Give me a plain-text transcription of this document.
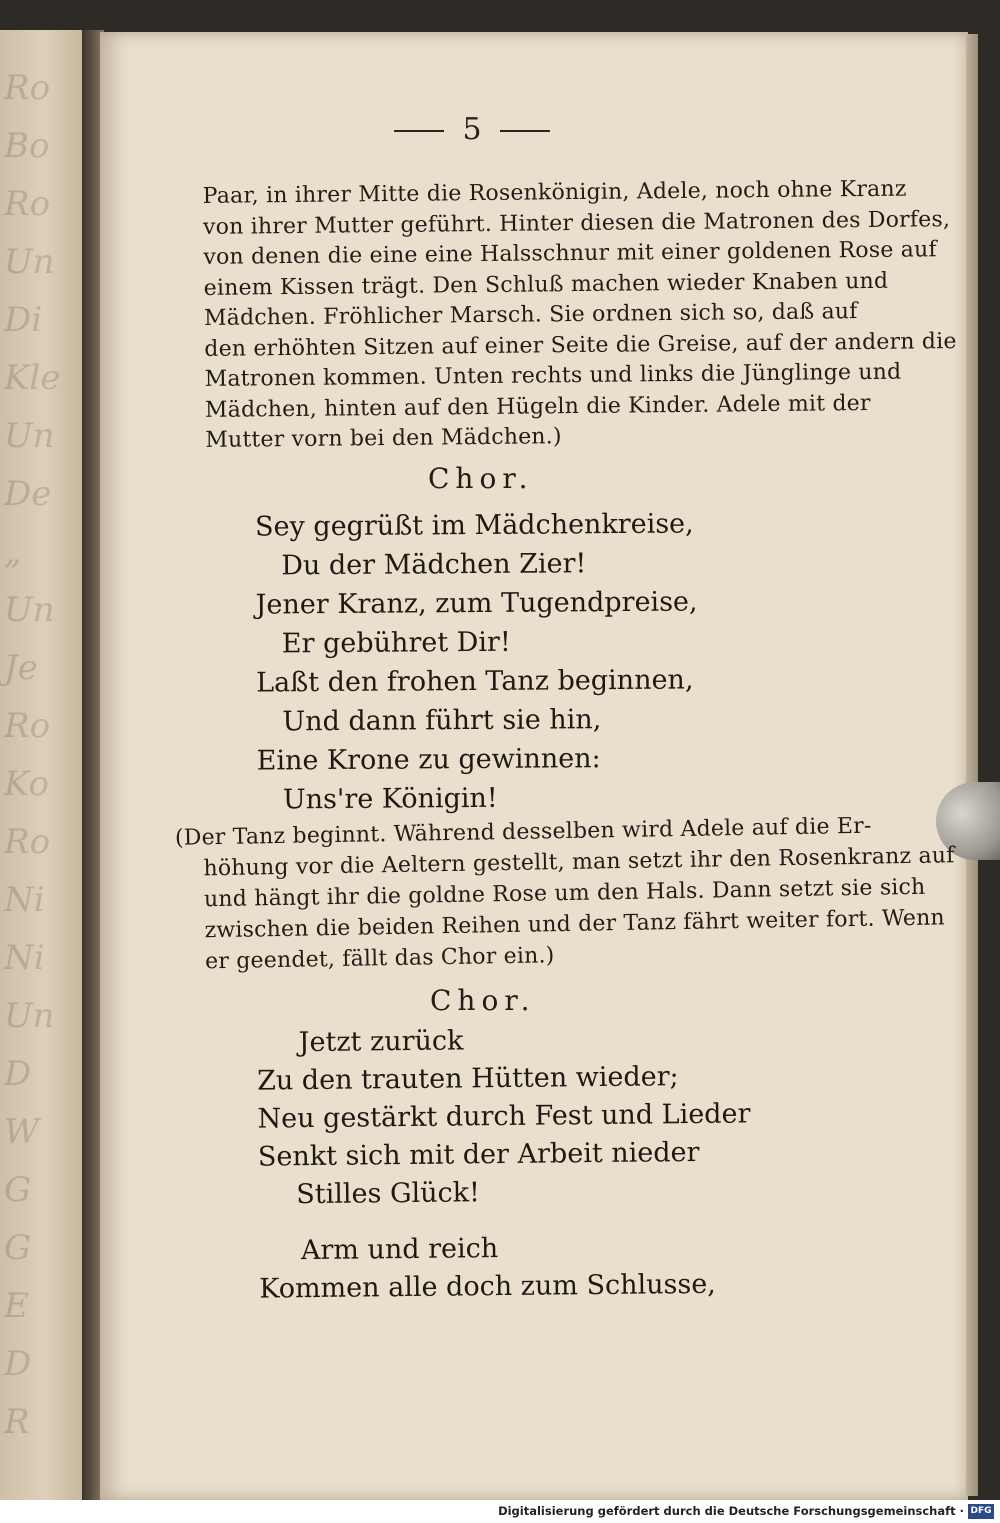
Ro
Bo
Ro
Un
Di
Kle
Un
De
„
Un
Je
Ro
Ko
Ro
Ni
Ni
Un
D
W
G
G
E
D
R
5

Paar, in ihrer Mitte die Rosenkönigin, Adele, noch ohne Kranz

von ihrer Mutter geführt. Hinter diesen die Matronen des Dorfes,

von denen die eine eine Halsschnur mit einer goldenen Rose auf

einem Kissen trägt. Den Schluß machen wieder Knaben und

Mädchen. Fröhlicher Marsch. Sie ordnen sich so, daß auf

den erhöhten Sitzen auf einer Seite die Greise, auf der andern die

Matronen kommen. Unten rechts und links die Jünglinge und

Mädchen, hinten auf den Hügeln die Kinder. Adele mit der

Mutter vorn bei den Mädchen.)

Chor.

Sey gegrüßt im Mädchenkreise,

Du der Mädchen Zier!

Jener Kranz, zum Tugendpreise,

Er gebühret Dir!

Laßt den frohen Tanz beginnen,

Und dann führt sie hin,

Eine Krone zu gewinnen:

Uns're Königin!

(Der Tanz beginnt. Während desselben wird Adele auf die Er-

höhung vor die Aeltern gestellt, man setzt ihr den Rosenkranz auf

und hängt ihr die goldne Rose um den Hals. Dann setzt sie sich

zwischen die beiden Reihen und der Tanz fährt weiter fort. Wenn

er geendet, fällt das Chor ein.)

Chor.

Jetzt zurück

Zu den trauten Hütten wieder;

Neu gestärkt durch Fest und Lieder

Senkt sich mit der Arbeit nieder

Stilles Glück!

Arm und reich

Kommen alle doch zum Schlusse,

Digitalisierung gefördert durch die Deutsche Forschungsgemeinschaft · DFG
